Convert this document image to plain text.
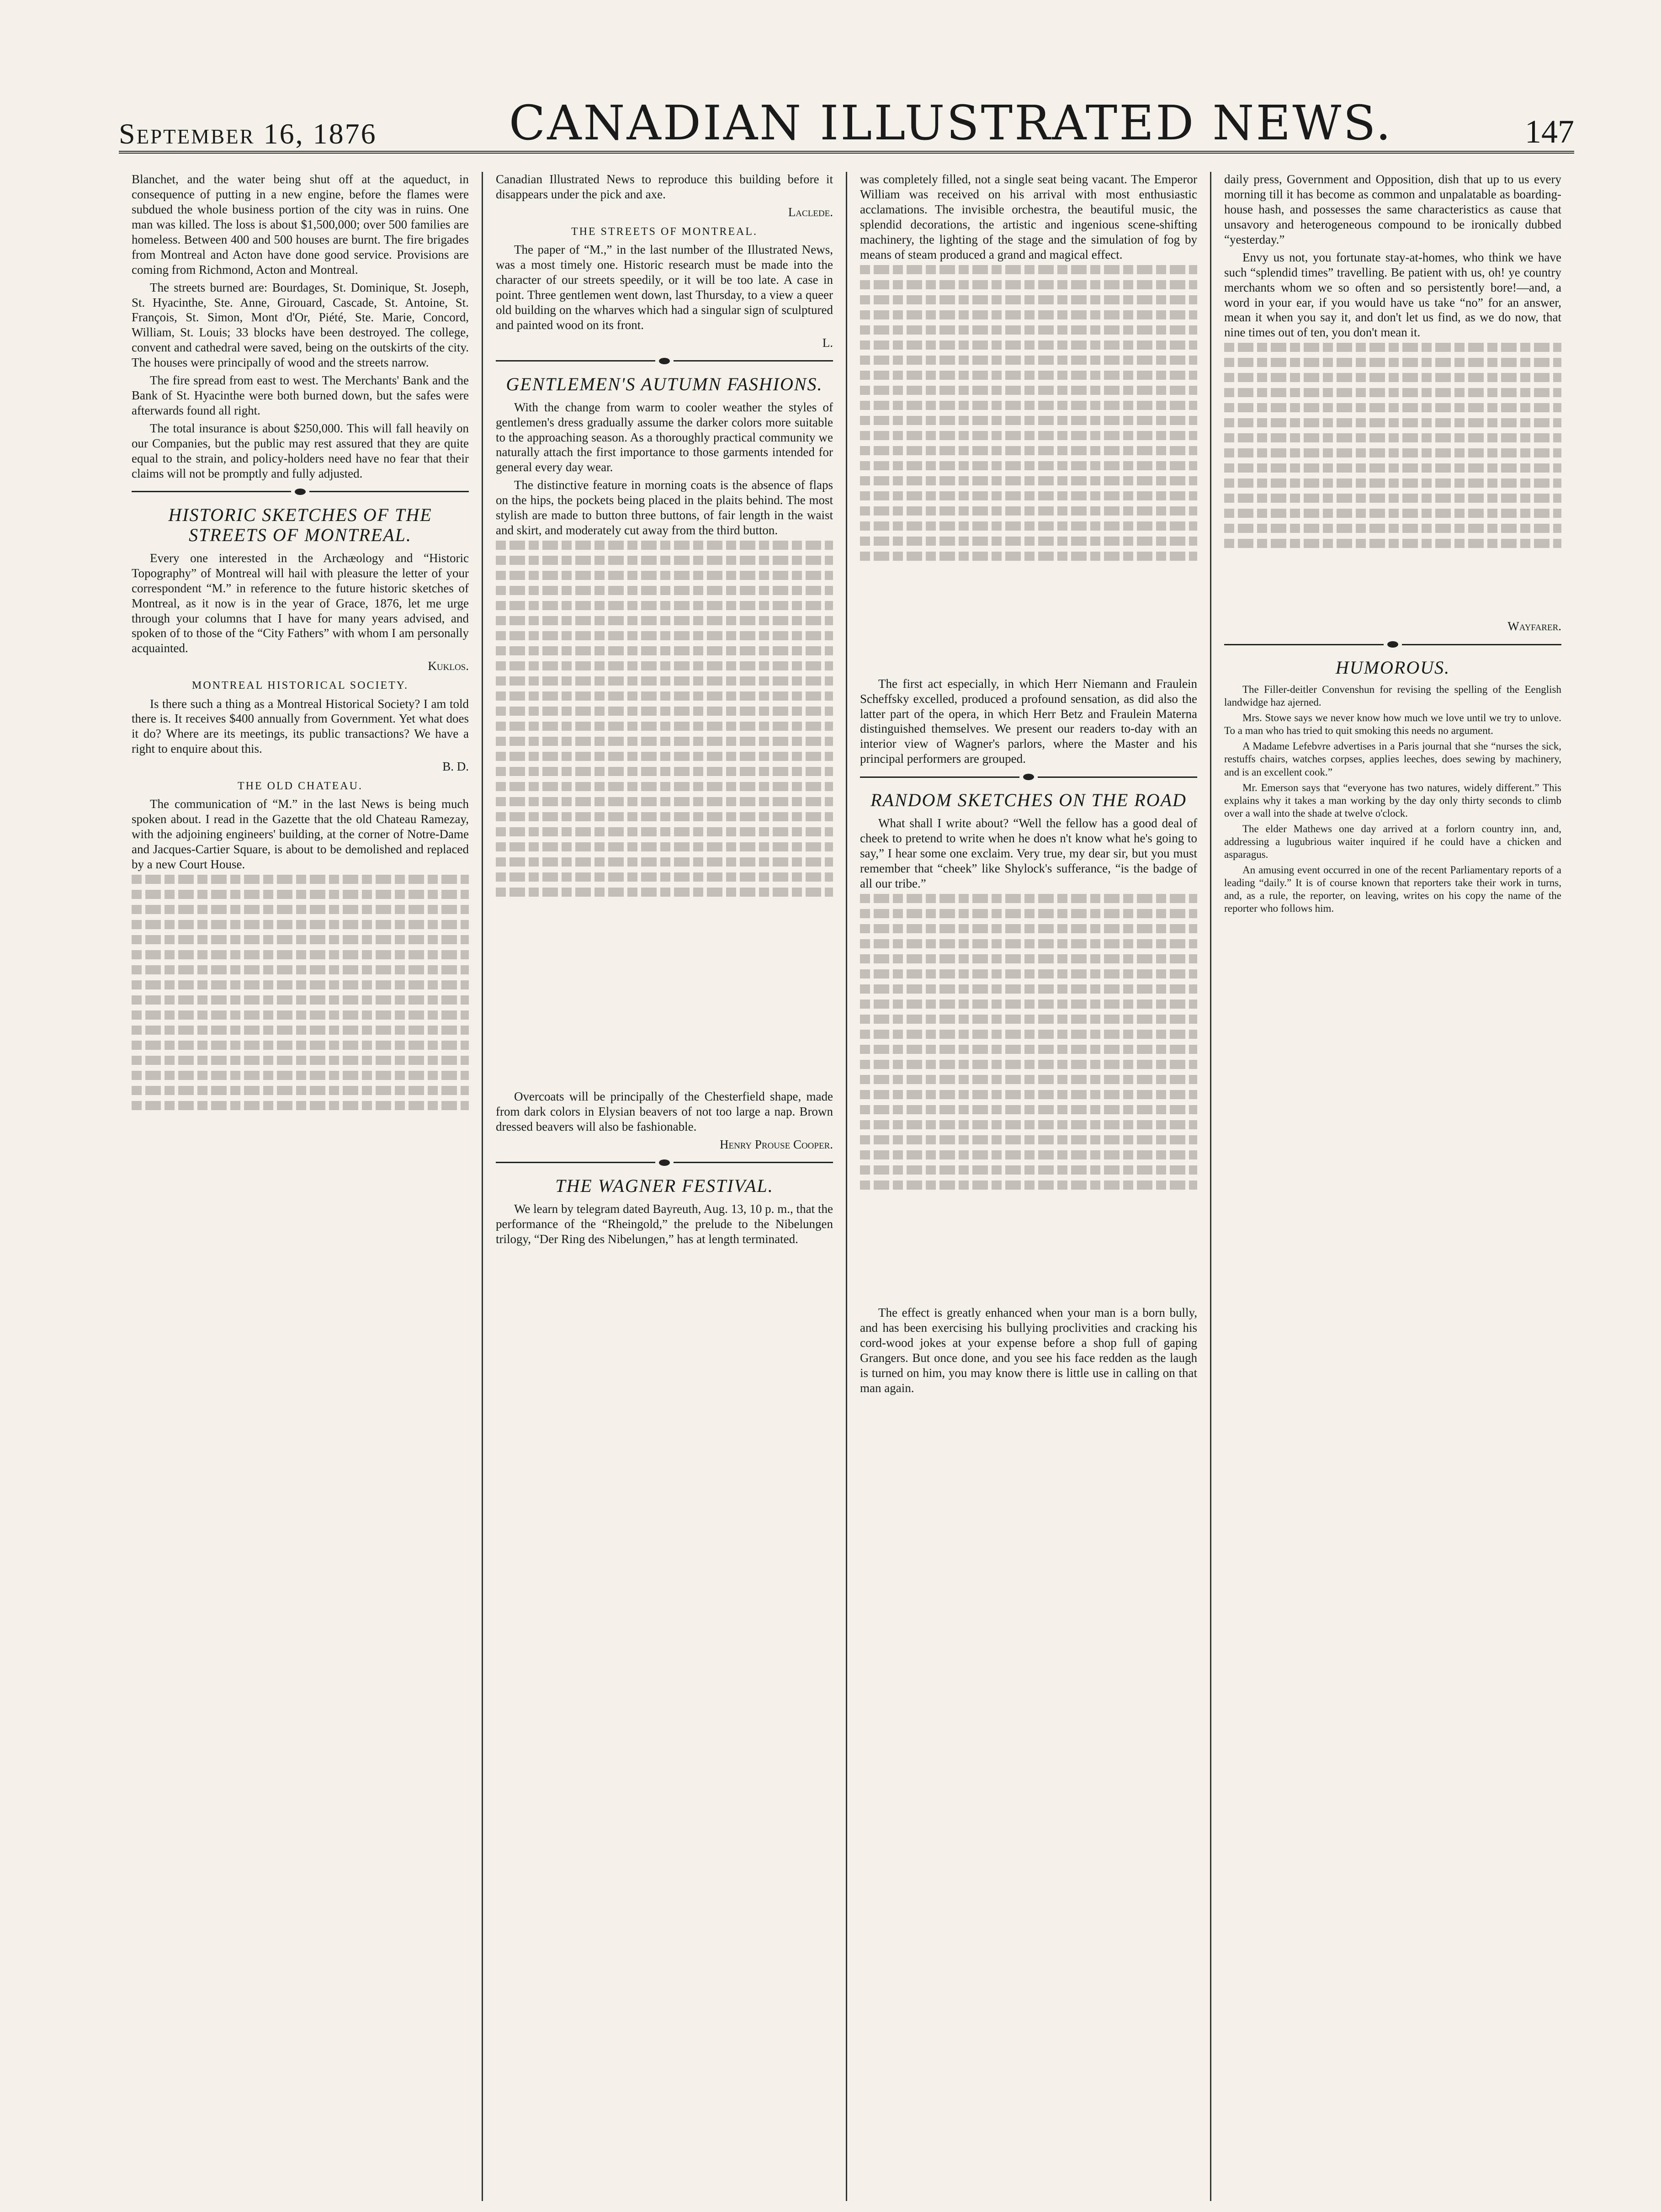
September 16, 1876	CANADIAN ILLUSTRATED NEWS.	147

Blanchet, and the water being shut off at the aqueduct, in consequence of putting in a new engine, before the flames were subdued the whole business portion of the city was in ruins. One man was killed. The loss is about $1,500,000; over 500 families are homeless. Between 400 and 500 houses are burnt. The fire brigades from Montreal and Acton have done good service. Provisions are coming from Richmond, Acton and Montreal.

The streets burned are: Bourdages, St. Dominique, St. Joseph, St. Hyacinthe, Ste. Anne, Girouard, Cascade, St. Antoine, St. François, St. Simon, Mont d'Or, Piété, Ste. Marie, Concord, William, St. Louis; 33 blocks have been destroyed. The college, convent and cathedral were saved, being on the outskirts of the city. The houses were principally of wood and the streets narrow.

The fire spread from east to west. The Merchants' Bank and the Bank of St. Hyacinthe were both burned down, but the safes were afterwards found all right.

The total insurance is about $250,000. This will fall heavily on our Companies, but the public may rest assured that they are quite equal to the strain, and policy-holders need have no fear that their claims will not be promptly and fully adjusted.

HISTORIC SKETCHES OF THE STREETS OF MONTREAL.

Every one interested in the Archæology and “Historic Topography” of Montreal will hail with pleasure the letter of your correspondent “M.” in reference to the future historic sketches of Montreal, as it now is in the year of Grace, 1876, let me urge through your columns that I have for many years advised, and spoken of to those of the “City Fathers” with whom I am personally acquainted.

Kuklos.
MONTREAL HISTORICAL SOCIETY.

Is there such a thing as a Montreal Historical Society? I am told there is. It receives $400 annually from Government. Yet what does it do? Where are its meetings, its public transactions? We have a right to enquire about this.

B. D.
THE OLD CHATEAU.

The communication of “M.” in the last News is being much spoken about. I read in the Gazette that the old Chateau Ramezay, with the adjoining engineers' building, at the corner of Notre-Dame and Jacques-Cartier Square, is about to be demolished and replaced by a new Court House.

Canadian Illustrated News to reproduce this building before it disappears under the pick and axe.

Laclede.
THE STREETS OF MONTREAL.

The paper of “M.,” in the last number of the Illustrated News, was a most timely one. Historic research must be made into the character of our streets speedily, or it will be too late. A case in point. Three gentlemen went down, last Thursday, to a view a queer old building on the wharves which had a singular sign of sculptured and painted wood on its front.

L.
GENTLEMEN'S AUTUMN FASHIONS.

With the change from warm to cooler weather the styles of gentlemen's dress gradually assume the darker colors more suitable to the approaching season. As a thoroughly practical community we naturally attach the first importance to those garments intended for general every day wear.

The distinctive feature in morning coats is the absence of flaps on the hips, the pockets being placed in the plaits behind. The most stylish are made to button three buttons, of fair length in the waist and skirt, and moderately cut away from the third button.

Overcoats will be principally of the Chesterfield shape, made from dark colors in Elysian beavers of not too large a nap. Brown dressed beavers will also be fashionable.

Henry Prouse Cooper.
THE WAGNER FESTIVAL.

We learn by telegram dated Bayreuth, Aug. 13, 10 p. m., that the performance of the “Rheingold,” the prelude to the Nibelungen trilogy, “Der Ring des Nibelungen,” has at length terminated.

was completely filled, not a single seat being vacant. The Emperor William was received on his arrival with most enthusiastic acclamations. The invisible orchestra, the beautiful music, the splendid decorations, the artistic and ingenious scene-shifting machinery, the lighting of the stage and the simulation of fog by means of steam produced a grand and magical effect.

The first act especially, in which Herr Niemann and Fraulein Scheffsky excelled, produced a profound sensation, as did also the latter part of the opera, in which Herr Betz and Fraulein Materna distinguished themselves. We present our readers to-day with an interior view of Wagner's parlors, where the Master and his principal performers are grouped.

RANDOM SKETCHES ON THE ROAD

What shall I write about? “Well the fellow has a good deal of cheek to pretend to write when he does n't know what he's going to say,” I hear some one exclaim. Very true, my dear sir, but you must remember that “cheek” like Shylock's sufferance, “is the badge of all our tribe.”

The effect is greatly enhanced when your man is a born bully, and has been exercising his bullying proclivities and cracking his cord-wood jokes at your expense before a shop full of gaping Grangers. But once done, and you see his face redden as the laugh is turned on him, you may know there is little use in calling on that man again.

daily press, Government and Opposition, dish that up to us every morning till it has become as common and unpalatable as boarding-house hash, and possesses the same characteristics as cause that unsavory and heterogeneous compound to be ironically dubbed “yesterday.”

Envy us not, you fortunate stay-at-homes, who think we have such “splendid times” travelling. Be patient with us, oh! ye country merchants whom we so often and so persistently bore!—and, a word in your ear, if you would have us take “no” for an answer, mean it when you say it, and don't let us find, as we do now, that nine times out of ten, you don't mean it.

Wayfarer.
HUMOROUS.

The Filler-deitler Convenshun for revising the spelling of the Eenglish landwidge haz ajerned.

Mrs. Stowe says we never know how much we love until we try to unlove. To a man who has tried to quit smoking this needs no argument.

A Madame Lefebvre advertises in a Paris journal that she “nurses the sick, restuffs chairs, watches corpses, applies leeches, does sewing by machinery, and is an excellent cook.”

Mr. Emerson says that “everyone has two natures, widely different.” This explains why it takes a man working by the day only thirty seconds to climb over a wall into the shade at twelve o'clock.

The elder Mathews one day arrived at a forlorn country inn, and, addressing a lugubrious waiter inquired if he could have a chicken and asparagus.

An amusing event occurred in one of the recent Parliamentary reports of a leading “daily.” It is of course known that reporters take their work in turns, and, as a rule, the reporter, on leaving, writes on his copy the name of the reporter who follows him.
